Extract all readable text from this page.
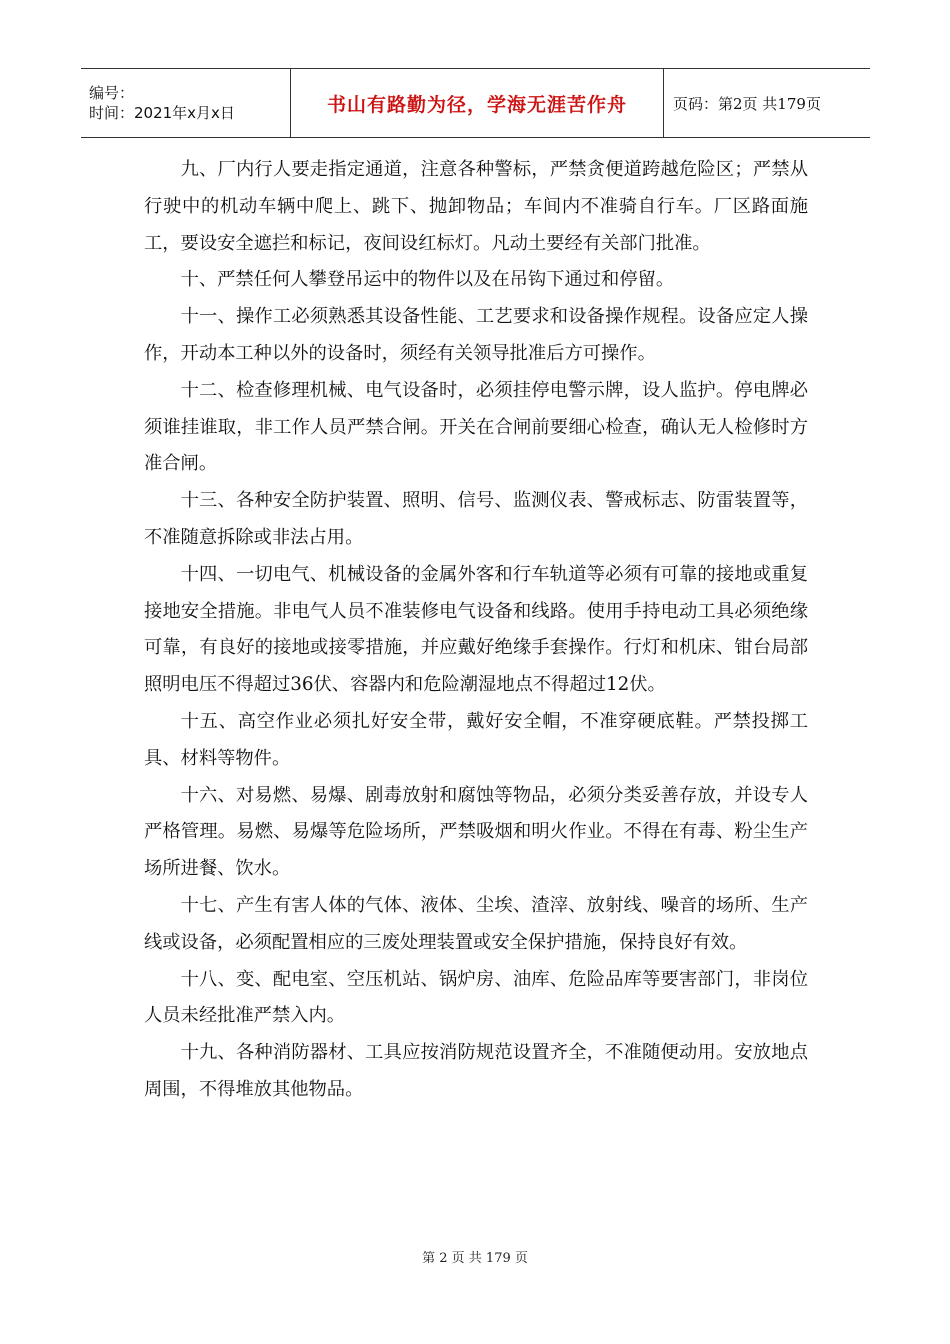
编号：
时间：2021年x月x日	书山有路勤为径，学海无涯苦作舟	页码：第2页 共179页

九、厂内行人要走指定通道，注意各种警标，严禁贪便道跨越危险区；严禁从行驶中的机动车辆中爬上、跳下、抛卸物品；车间内不准骑自行车。厂区路面施工，要设安全遮拦和标记，夜间设红标灯。凡动土要经有关部门批准。

十、严禁任何人攀登吊运中的物件以及在吊钩下通过和停留。

十一、操作工必须熟悉其设备性能、工艺要求和设备操作规程。设备应定人操作，开动本工种以外的设备时，须经有关领导批准后方可操作。

十二、检查修理机械、电气设备时，必须挂停电警示牌，设人监护。停电牌必须谁挂谁取，非工作人员严禁合闸。开关在合闸前要细心检查，确认无人检修时方准合闸。

十三、各种安全防护装置、照明、信号、监测仪表、警戒标志、防雷装置等，不准随意拆除或非法占用。

十四、一切电气、机械设备的金属外客和行车轨道等必须有可靠的接地或重复接地安全措施。非电气人员不准装修电气设备和线路。使用手持电动工具必须绝缘可靠，有良好的接地或接零措施，并应戴好绝缘手套操作。行灯和机床、钳台局部照明电压不得超过36伏、容器内和危险潮湿地点不得超过12伏。

十五、高空作业必须扎好安全带，戴好安全帽，不准穿硬底鞋。严禁投掷工具、材料等物件。

十六、对易燃、易爆、剧毒放射和腐蚀等物品，必须分类妥善存放，并设专人严格管理。易燃、易爆等危险场所，严禁吸烟和明火作业。不得在有毒、粉尘生产场所进餐、饮水。

十七、产生有害人体的气体、液体、尘埃、渣滓、放射线、噪音的场所、生产线或设备，必须配置相应的三废处理装置或安全保护措施，保持良好有效。

十八、变、配电室、空压机站、锅炉房、油库、危险品库等要害部门，非岗位人员未经批准严禁入内。

十九、各种消防器材、工具应按消防规范设置齐全，不准随便动用。安放地点周围，不得堆放其他物品。

第 2 页 共 179 页
